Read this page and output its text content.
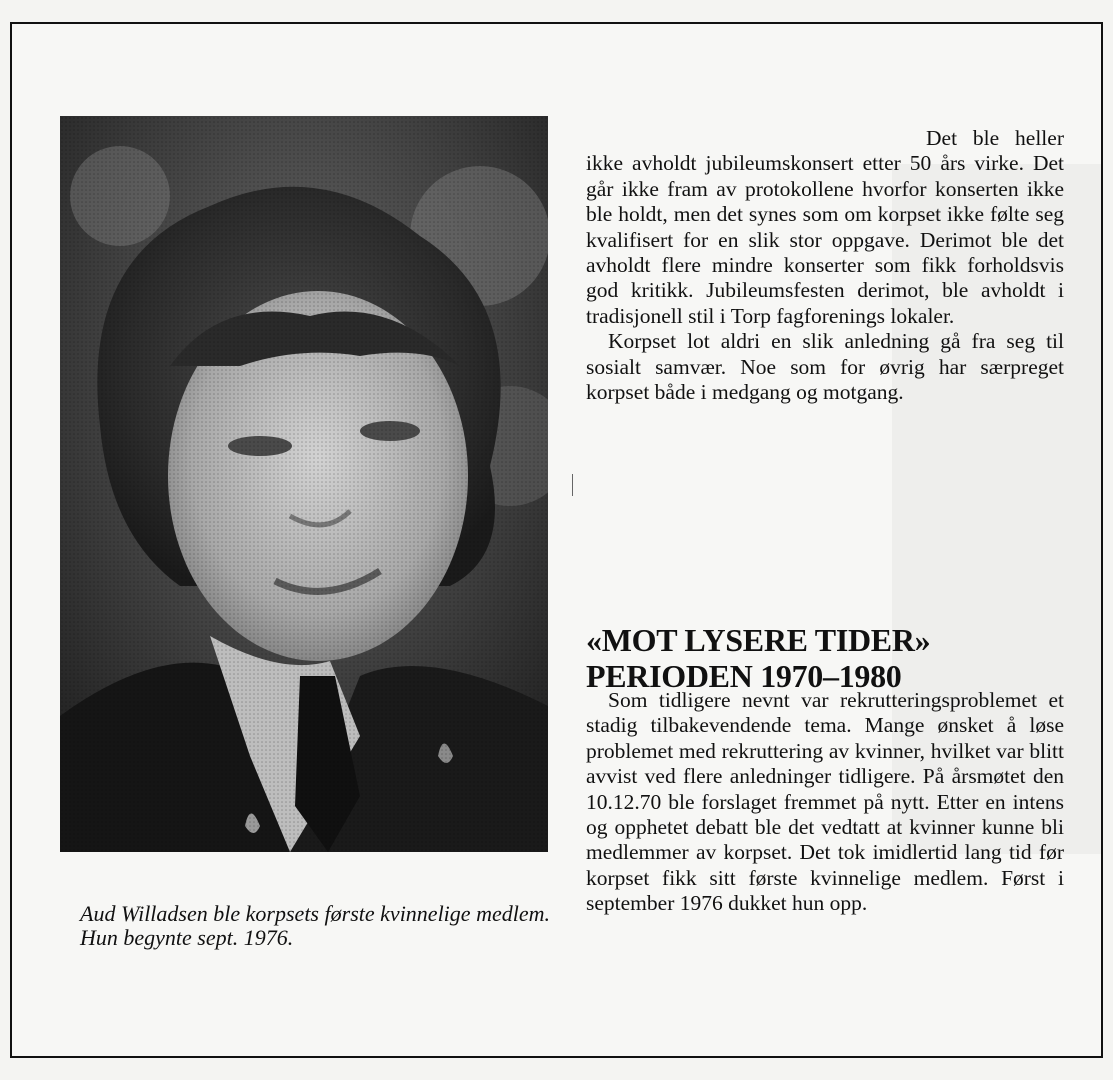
Aud Willadsen ble korpsets første kvinnelige medlem. Hun begynte sept. 1976.

Det ble heller ikke avholdt jubileumskonsert etter 50 års virke. Det går ikke fram av protokollene hvorfor konserten ikke ble holdt, men det synes som om korpset ikke følte seg kvalifisert for en slik stor oppgave. Derimot ble det avholdt flere mindre konserter som fikk forholdsvis god kritikk. Jubileumsfesten derimot, ble avholdt i tradisjonell stil i Torp fagforenings lokaler.

Korpset lot aldri en slik anledning gå fra seg til sosialt samvær. Noe som for øvrig har særpreget korpset både i medgang og motgang.

«MOT LYSERE TIDER»
PERIODEN 1970–1980

Som tidligere nevnt var rekrutteringsproblemet et stadig tilbakevendende tema. Mange ønsket å løse problemet med rekruttering av kvinner, hvilket var blitt avvist ved flere anledninger tidligere. På årsmøtet den 10.12.70 ble forslaget fremmet på nytt. Etter en intens og opphetet debatt ble det vedtatt at kvinner kunne bli medlemmer av korpset. Det tok imidlertid lang tid før korpset fikk sitt første kvinnelige medlem. Først i september 1976 dukket hun opp.
